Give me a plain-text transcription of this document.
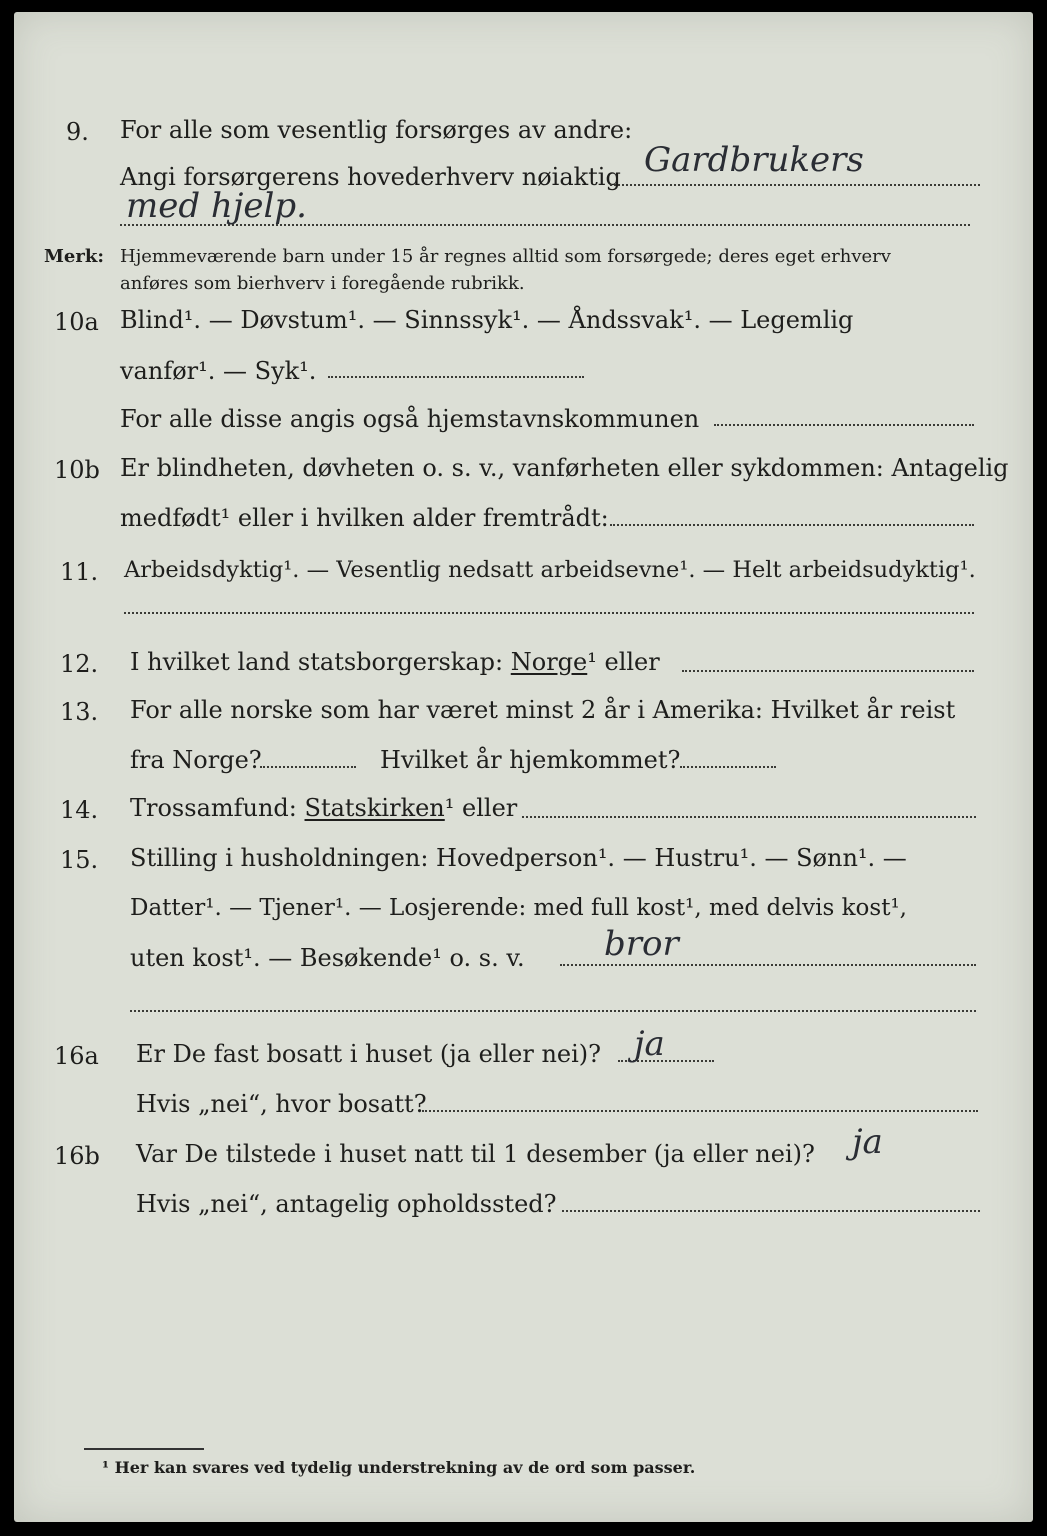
9. For alle som vesentlig forsørges av andre:
Angi forsørgerens hovederhverv nøiaktig Gardbrukers
med hjelp.
Merk: Hjemmeværende barn under 15 år regnes alltid som forsørgede; deres eget erhverv
anføres som bierhverv i foregående rubrikk.
10a Blind¹. — Døvstum¹. — Sinnssyk¹. — Åndssvak¹. — Legemlig
vanfør¹. — Syk¹.
For alle disse angis også hjemstavnskommunen
10b Er blindheten, døvheten o. s. v., vanførheten eller sykdommen: Antagelig
medfødt¹ eller i hvilken alder fremtrådt:
11. Arbeidsdyktig¹. — Vesentlig nedsatt arbeidsevne¹. — Helt arbeidsudyktig¹.
12. I hvilket land statsborgerskap: Norge¹ eller
13. For alle norske som har været minst 2 år i Amerika: Hvilket år reist
fra Norge?	Hvilket år hjemkommet?
14. Trossamfund: Statskirken¹ eller
15. Stilling i husholdningen: Hovedperson¹. — Hustru¹. — Sønn¹. —
Datter¹. — Tjener¹. — Losjerende: med full kost¹, med delvis kost¹,
uten kost¹. — Besøkende¹ o. s. v. bror
16a Er De fast bosatt i huset (ja eller nei)? ja
Hvis „nei“, hvor bosatt?
16b Var De tilstede i huset natt til 1 desember (ja eller nei)? ja
Hvis „nei“, antagelig opholdssted?
¹ Her kan svares ved tydelig understrekning av de ord som passer.
